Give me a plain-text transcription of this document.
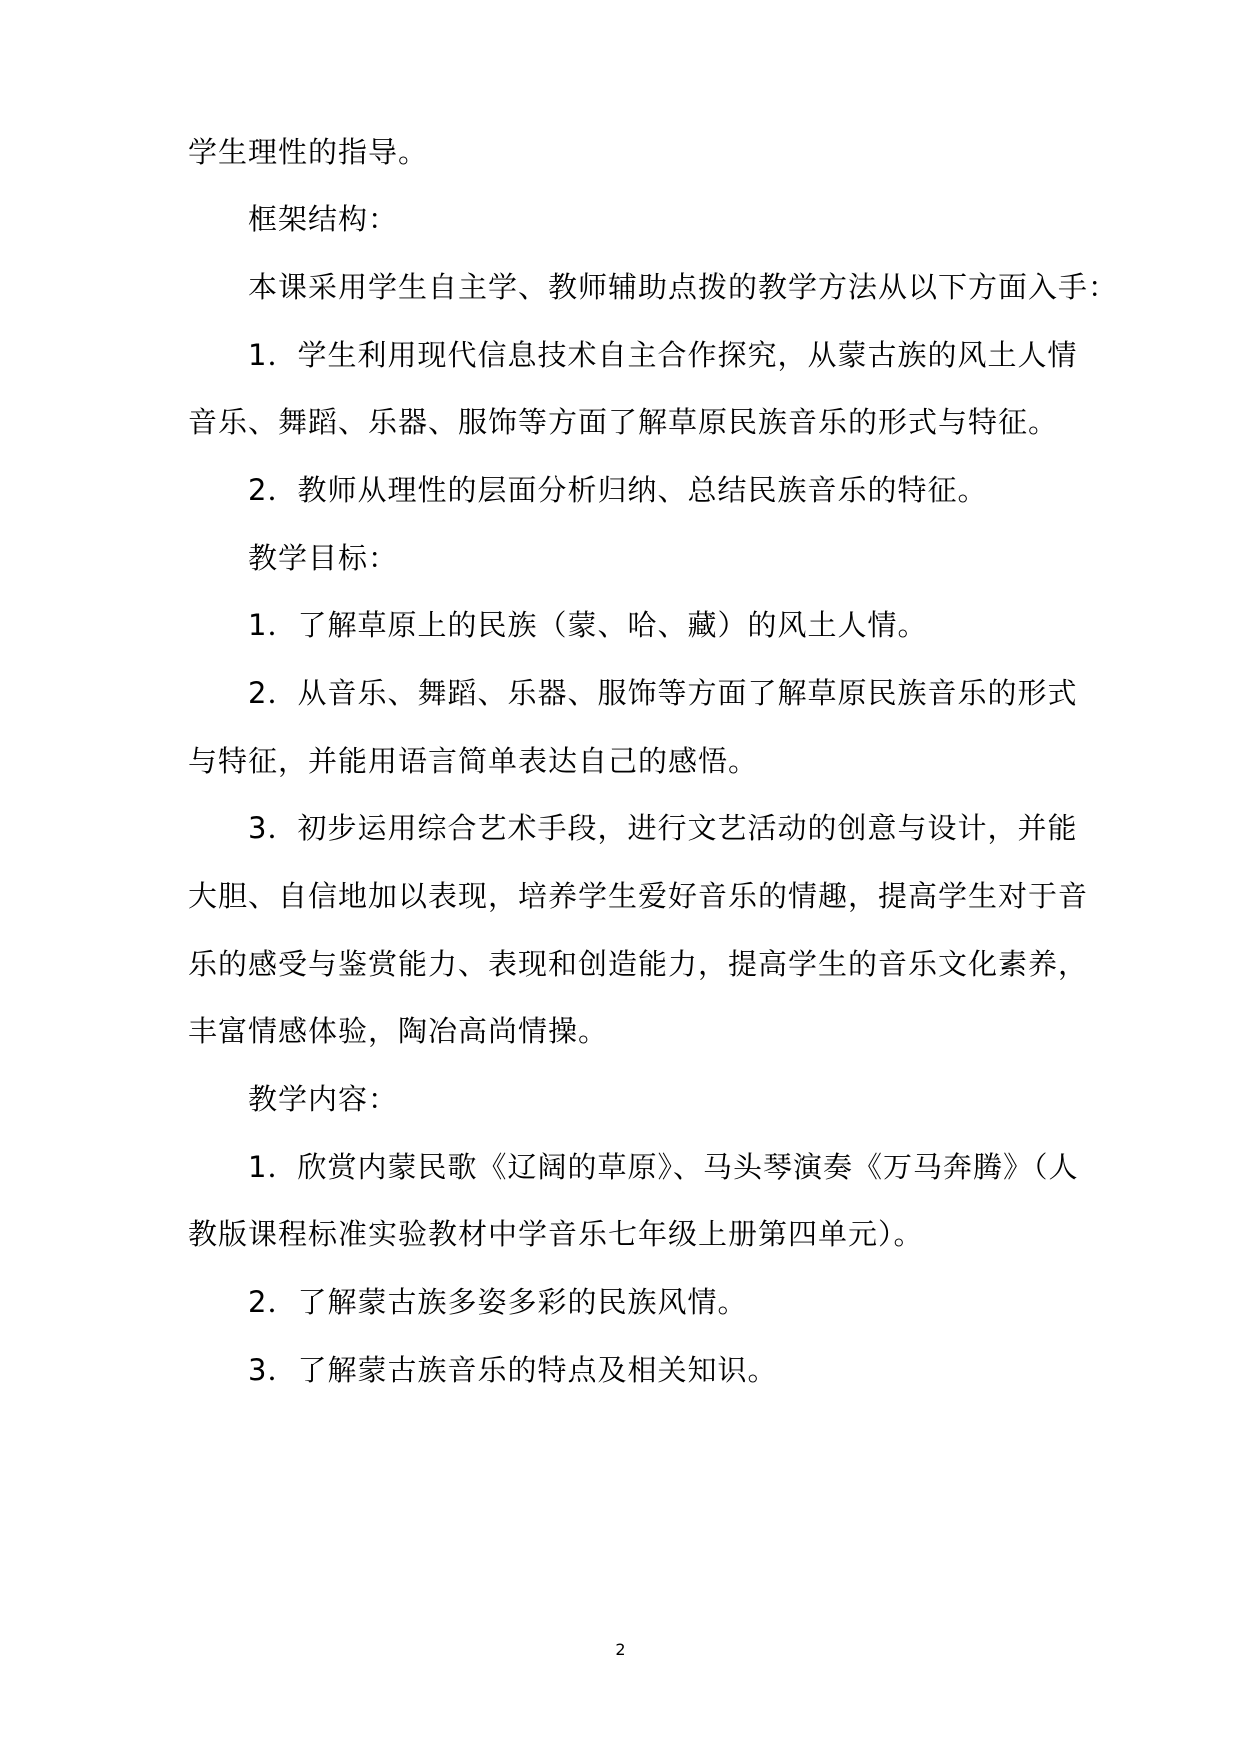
学生理性的指导。
框架结构：
本课采用学生自主学、教师辅助点拨的教学方法从以下方面入手：
1．学生利用现代信息技术自主合作探究，从蒙古族的风土人情
音乐、舞蹈、乐器、服饰等方面了解草原民族音乐的形式与特征。
2．教师从理性的层面分析归纳、总结民族音乐的特征。
教学目标：
1．了解草原上的民族（蒙、哈、藏）的风土人情。
2．从音乐、舞蹈、乐器、服饰等方面了解草原民族音乐的形式
与特征，并能用语言简单表达自己的感悟。
3．初步运用综合艺术手段，进行文艺活动的创意与设计，并能
大胆、自信地加以表现，培养学生爱好音乐的情趣，提高学生对于音
乐的感受与鉴赏能力、表现和创造能力，提高学生的音乐文化素养，
丰富情感体验，陶冶高尚情操。
教学内容：
1．欣赏内蒙民歌《辽阔的草原》、马头琴演奏《万马奔腾》（人
教版课程标准实验教材中学音乐七年级上册第四单元）。
2．了解蒙古族多姿多彩的民族风情。
3．了解蒙古族音乐的特点及相关知识。
2
